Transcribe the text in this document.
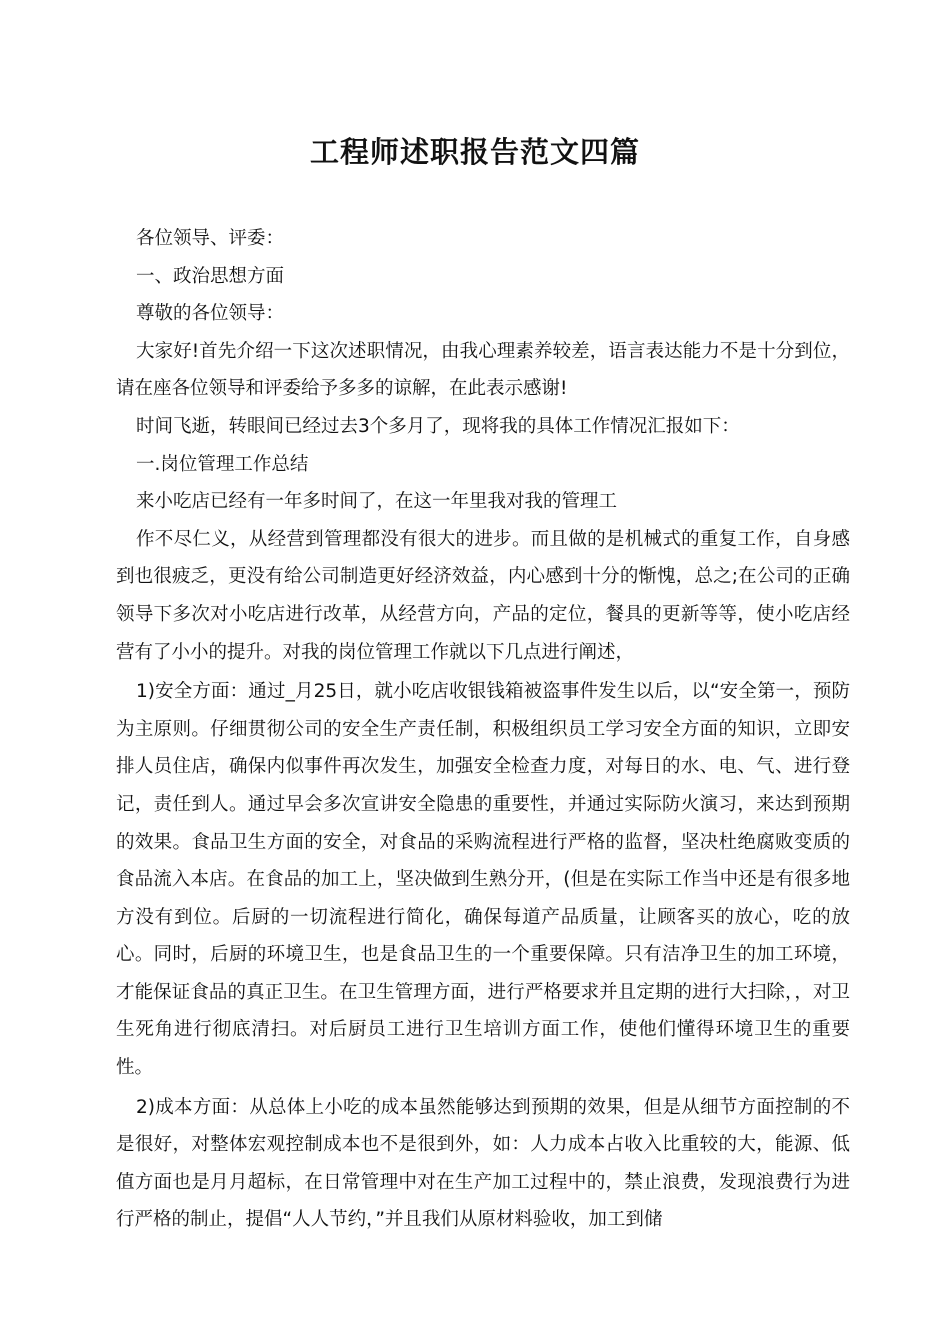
工程师述职报告范文四篇

各位领导、评委：

一、政治思想方面

尊敬的各位领导：

大家好!首先介绍一下这次述职情况，由我心理素养较差，语言表达能力不是十分到位，请在座各位领导和评委给予多多的谅解，在此表示感谢!

时间飞逝，转眼间已经过去3个多月了，现将我的具体工作情况汇报如下：

一.岗位管理工作总结

来小吃店已经有一年多时间了，在这一年里我对我的管理工

作不尽仁义，从经营到管理都没有很大的进步。而且做的是机械式的重复工作，自身感到也很疲乏，更没有给公司制造更好经济效益，内心感到十分的惭愧，总之;在公司的正确领导下多次对小吃店进行改革，从经营方向，产品的定位，餐具的更新等等，使小吃店经营有了小小的提升。对我的岗位管理工作就以下几点进行阐述，

1)安全方面：通过_月25日，就小吃店收银钱箱被盗事件发生以后，以“安全第一，预防为主原则。仔细贯彻公司的安全生产责任制，积极组织员工学习安全方面的知识，立即安排人员住店，确保内似事件再次发生，加强安全检查力度，对每日的水、电、气、进行登记，责任到人。通过早会多次宣讲安全隐患的重要性，并通过实际防火演习，来达到预期的效果。食品卫生方面的安全，对食品的采购流程进行严格的监督，坚决杜绝腐败变质的食品流入本店。在食品的加工上，坚决做到生熟分开，(但是在实际工作当中还是有很多地方没有到位。后厨的一切流程进行简化，确保每道产品质量，让顾客买的放心，吃的放心。同时，后厨的环境卫生，也是食品卫生的一个重要保障。只有洁净卫生的加工环境，才能保证食品的真正卫生。在卫生管理方面，进行严格要求并且定期的进行大扫除，，对卫生死角进行彻底清扫。对后厨员工进行卫生培训方面工作，使他们懂得环境卫生的重要性。

2)成本方面：从总体上小吃的成本虽然能够达到预期的效果，但是从细节方面控制的不是很好，对整体宏观控制成本也不是很到外，如：人力成本占收入比重较的大，能源、低值方面也是月月超标，在日常管理中对在生产加工过程中的，禁止浪费，发现浪费行为进行严格的制止，提倡“人人节约，”并且我们从原材料验收，加工到储
